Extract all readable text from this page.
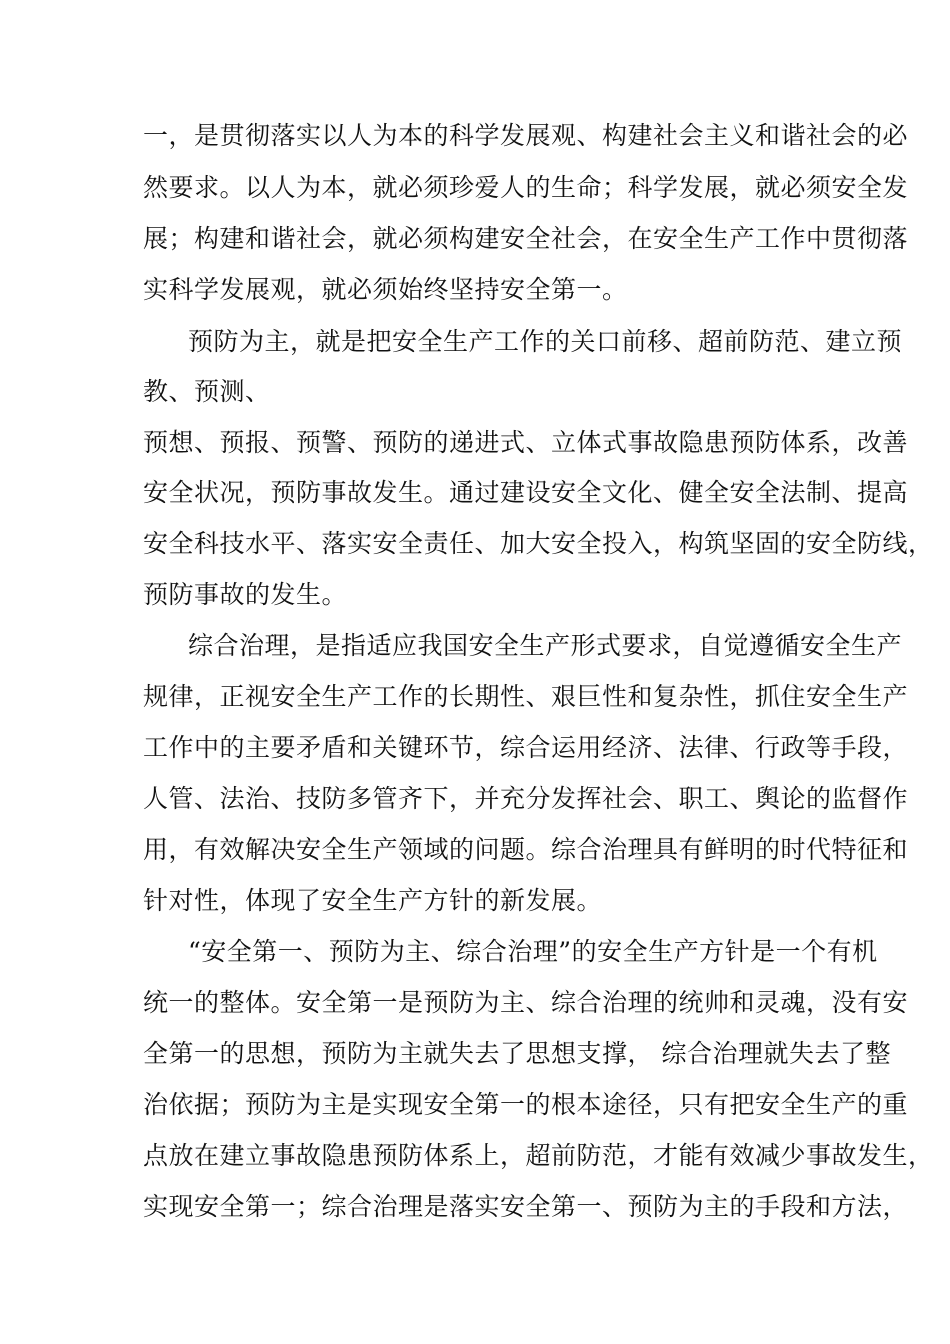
一，是贯彻落实以人为本的科学发展观、构建社会主义和谐社会的必
然要求。以人为本，就必须珍爱人的生命；科学发展，就必须安全发
展；构建和谐社会，就必须构建安全社会，在安全生产工作中贯彻落
实科学发展观，就必须始终坚持安全第一。
预防为主，就是把安全生产工作的关口前移、超前防范、建立预
教、预测、
预想、预报、预警、预防的递进式、立体式事故隐患预防体系，改善
安全状况，预防事故发生。通过建设安全文化、健全安全法制、提高
安全科技水平、落实安全责任、加大安全投入，构筑坚固的安全防线，
预防事故的发生。
综合治理，是指适应我国安全生产形式要求，自觉遵循安全生产
规律，正视安全生产工作的长期性、艰巨性和复杂性，抓住安全生产
工作中的主要矛盾和关键环节，综合运用经济、法律、行政等手段，
人管、法治、技防多管齐下，并充分发挥社会、职工、舆论的监督作
用，有效解决安全生产领域的问题。综合治理具有鲜明的时代特征和
针对性，体现了安全生产方针的新发展。
“安全第一、预防为主、综合治理”的安全生产方针是一个有机
统一的整体。安全第一是预防为主、综合治理的统帅和灵魂，没有安
全第一的思想，预防为主就失去了思想支撑， 综合治理就失去了整
治依据；预防为主是实现安全第一的根本途径，只有把安全生产的重
点放在建立事故隐患预防体系上，超前防范，才能有效减少事故发生，
实现安全第一；综合治理是落实安全第一、预防为主的手段和方法，
